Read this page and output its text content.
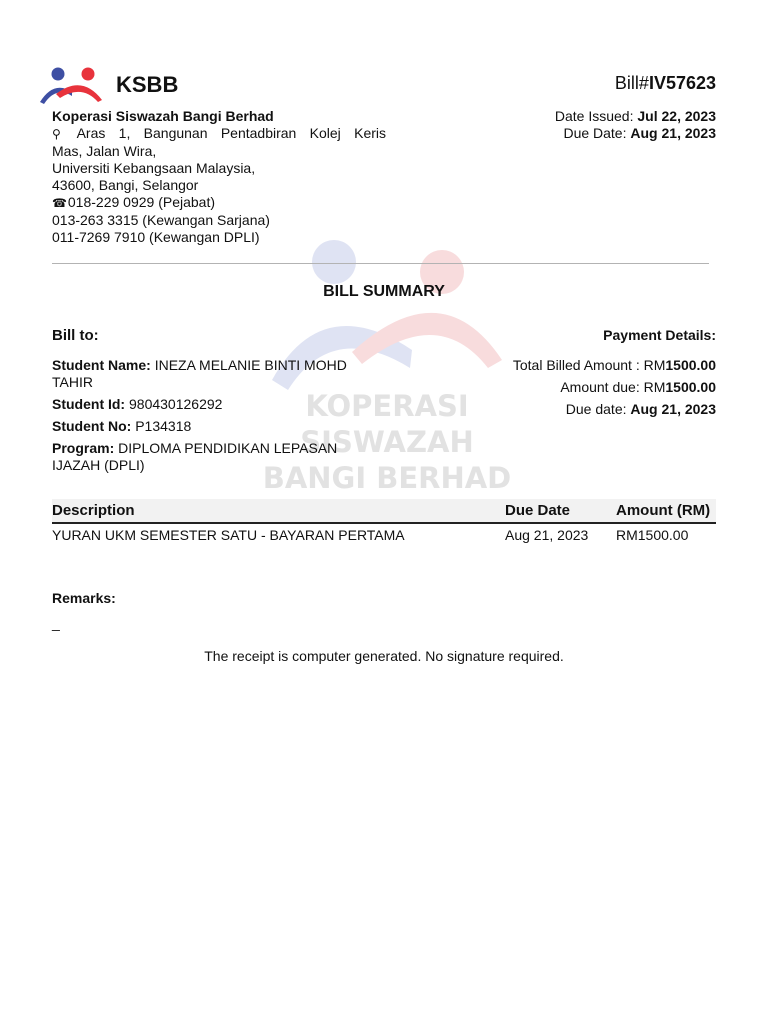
KSBB	Bill#IV57623
Date Issued: Jul 22, 2023
Due Date: Aug 21, 2023
KOPERASI SISWAZAH
BANGI BERHAD
Koperasi Siswazah Bangi Berhad
⚲ Aras 1, Bangunan Pentadbiran Kolej Keris
Mas, Jalan Wira,
Universiti Kebangsaan Malaysia,
43600, Bangi, Selangor
☎ 018-229 0929 (Pejabat)
013-263 3315 (Kewangan Sarjana)
011-7269 7910 (Kewangan DPLI)
BILL SUMMARY
Bill to:	Payment Details:
Student Name: INEZA MELANIE BINTI MOHD TAHIR
Student Id: 980430126292
Student No: P134318
Program: DIPLOMA PENDIDIKAN LEPASAN IJAZAH (DPLI)
Total Billed Amount : RM1500.00
Amount due: RM1500.00
Due date: Aug 21, 2023
Description	Due Date	Amount (RM)
YURAN UKM SEMESTER SATU - BAYARAN PERTAMA	Aug 21, 2023 RM1500.00
Remarks:
_
The receipt is computer generated. No signature required.
